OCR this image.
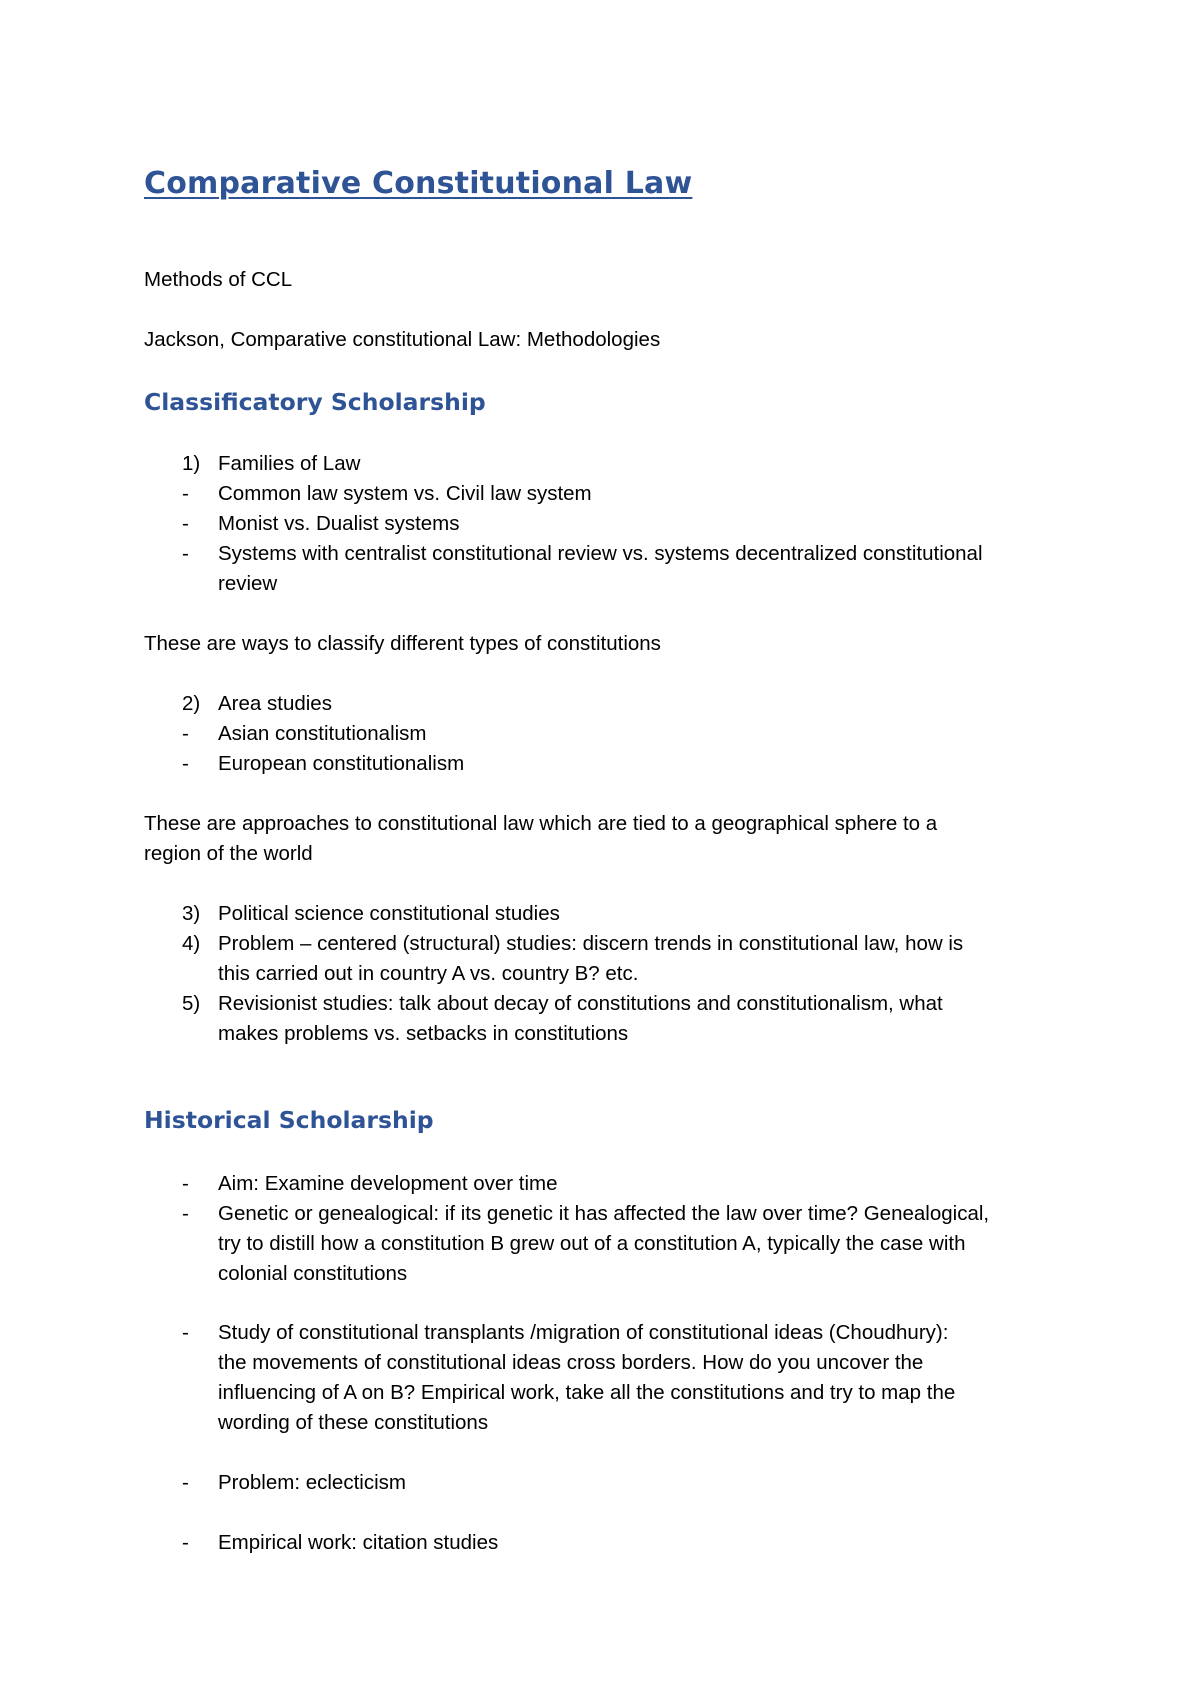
Comparative Constitutional Law

Methods of CCL

Jackson, Comparative constitutional Law: Methodologies

Classificatory Scholarship
1) Families of Law
- Common law system vs. Civil law system
- Monist vs. Dualist systems
- Systems with centralist constitutional review vs. systems decentralized constitutional
review

These are ways to classify different types of constitutions

2) Area studies
- Asian constitutionalism
- European constitutionalism

These are approaches to constitutional law which are tied to a geographical sphere to a

region of the world

3) Political science constitutional studies
4) Problem – centered (structural) studies: discern trends in constitutional law, how is
this carried out in country A vs. country B? etc.
5) Revisionist studies: talk about decay of constitutions and constitutionalism, what
makes problems vs. setbacks in constitutions
Historical Scholarship
- Aim: Examine development over time
- Genetic or genealogical: if its genetic it has affected the law over time? Genealogical,
try to distill how a constitution B grew out of a constitution A, typically the case with
colonial constitutions
- Study of constitutional transplants /migration of constitutional ideas (Choudhury):
the movements of constitutional ideas cross borders. How do you uncover the
influencing of A on B? Empirical work, take all the constitutions and try to map the
wording of these constitutions
- Problem: eclecticism
- Empirical work: citation studies
